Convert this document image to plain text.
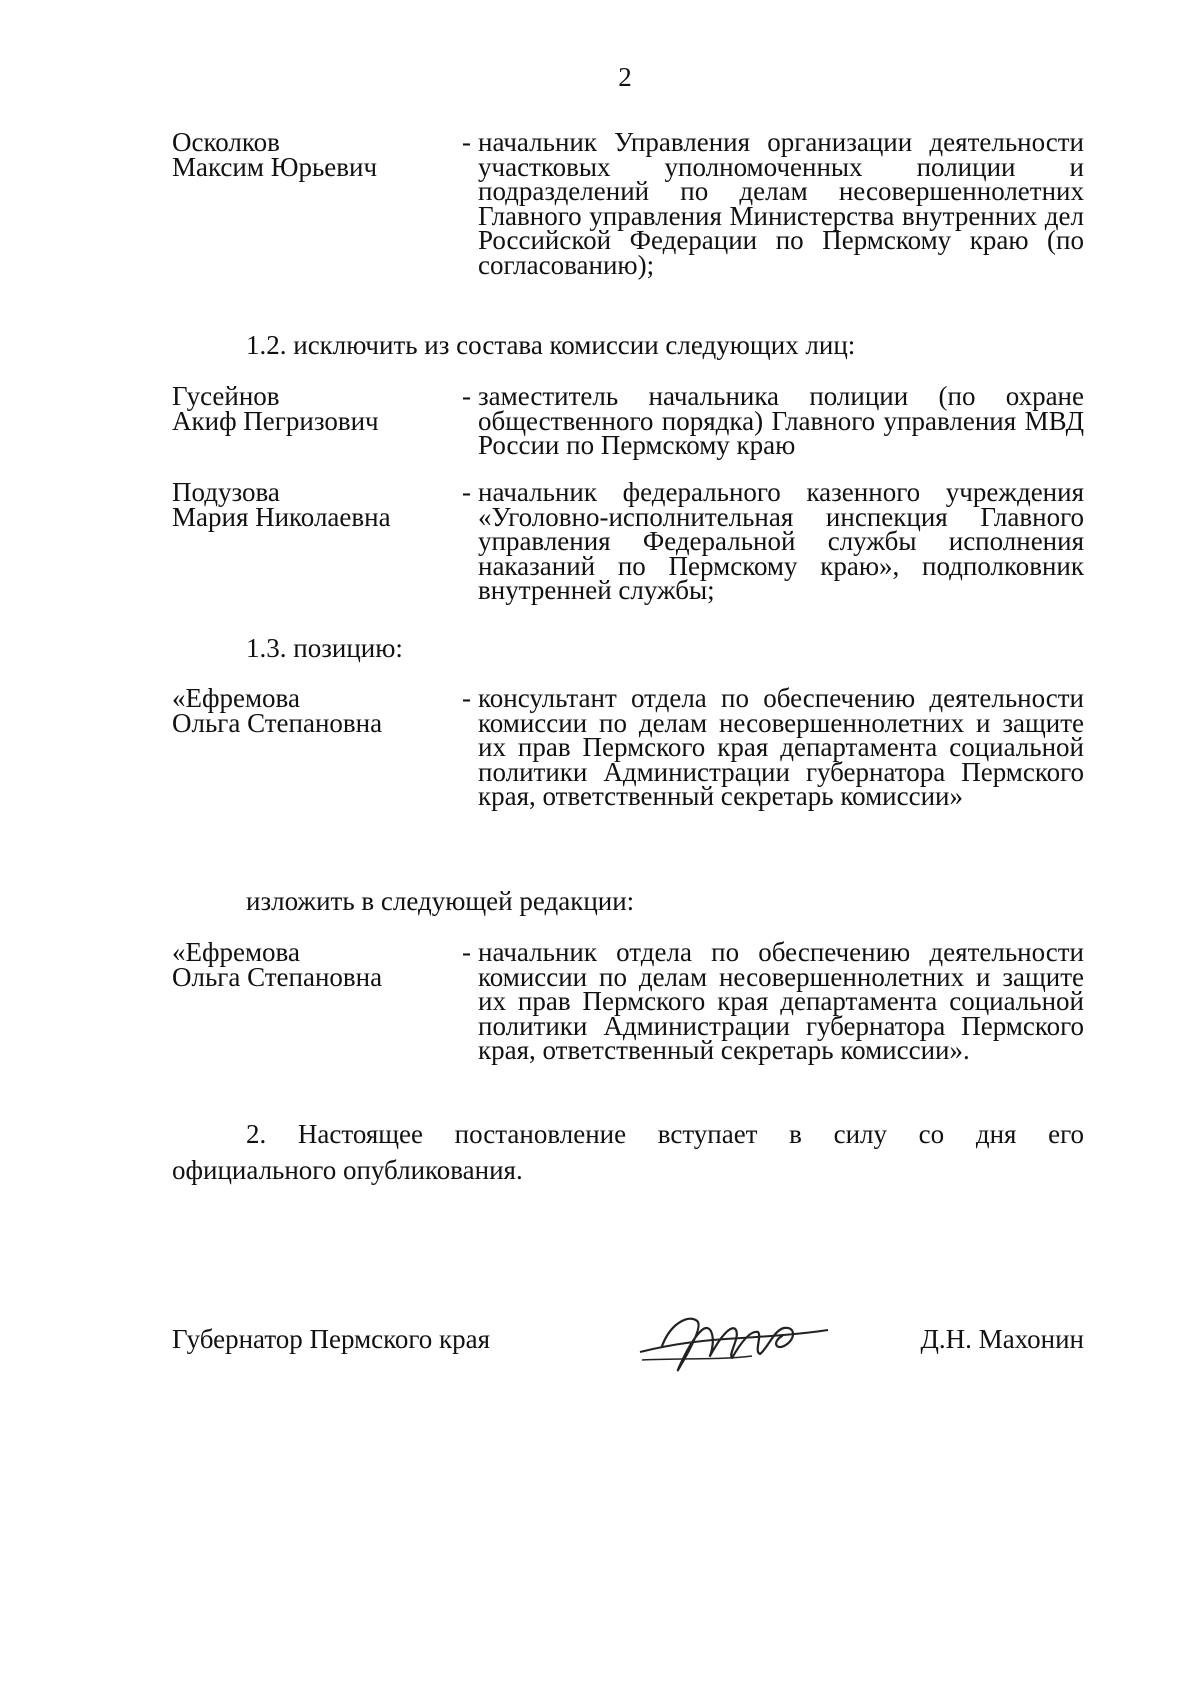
2
Осколков
Максим Юрьевич
- начальник Управления организации деятельности участковых уполномоченных полиции и подразделений по делам несовершеннолетних Главного управления Министерства внутренних дел Российской Федерации по Пермскому краю (по согласованию);
1.2. исключить из состава комиссии следующих лиц:
Гусейнов
Акиф Пегризович
- заместитель начальника полиции (по охране общественного порядка) Главного управления МВД России по Пермскому краю
Подузова
Мария Николаевна
- начальник федерального казенного учреждения «Уголовно-исполнительная инспекция Главного управления Федеральной службы исполнения наказаний по Пермскому краю», подполковник внутренней службы;
1.3. позицию:
«Ефремова
Ольга Степановна
- консультант отдела по обеспечению деятельности комиссии по делам несовершеннолетних и защите их прав Пермского края департамента социальной политики Администрации губернатора Пермского края, ответственный секретарь комиссии»
изложить в следующей редакции:
«Ефремова
Ольга Степановна
- начальник отдела по обеспечению деятельности комиссии по делам несовершеннолетних и защите их прав Пермского края департамента социальной политики Администрации губернатора Пермского края, ответственный секретарь комиссии».
2. Настоящее постановление вступает в силу со дня его
официального опубликования.
Губернатор Пермского края	Д.Н. Махонин
